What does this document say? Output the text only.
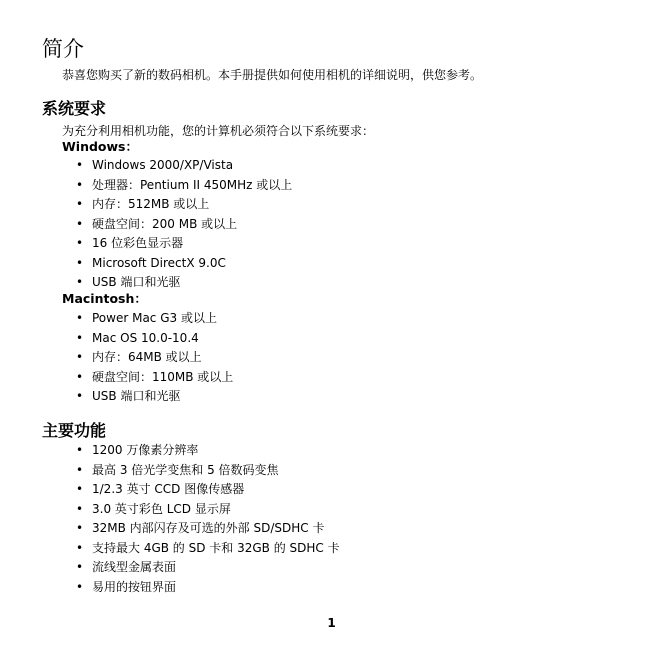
简介

恭喜您购买了新的数码相机。本手册提供如何使用相机的详细说明，供您参考。

系统要求

为充分利用相机功能，您的计算机必须符合以下系统要求：

Windows：

• Windows 2000/XP/Vista
• 处理器：Pentium II 450MHz 或以上
• 内存：512MB 或以上
• 硬盘空间：200 MB 或以上
• 16 位彩色显示器
• Microsoft DirectX 9.0C
• USB 端口和光驱

Macintosh：

• Power Mac G3 或以上
• Mac OS 10.0-10.4
• 内存：64MB 或以上
• 硬盘空间：110MB 或以上
• USB 端口和光驱
主要功能
• 1200 万像素分辨率
• 最高 3 倍光学变焦和 5 倍数码变焦
• 1/2.3 英寸 CCD 图像传感器
• 3.0 英寸彩色 LCD 显示屏
• 32MB 内部闪存及可选的外部 SD/SDHC 卡
• 支持最大 4GB 的 SD 卡和 32GB 的 SDHC 卡
• 流线型金属表面
• 易用的按钮界面
1
